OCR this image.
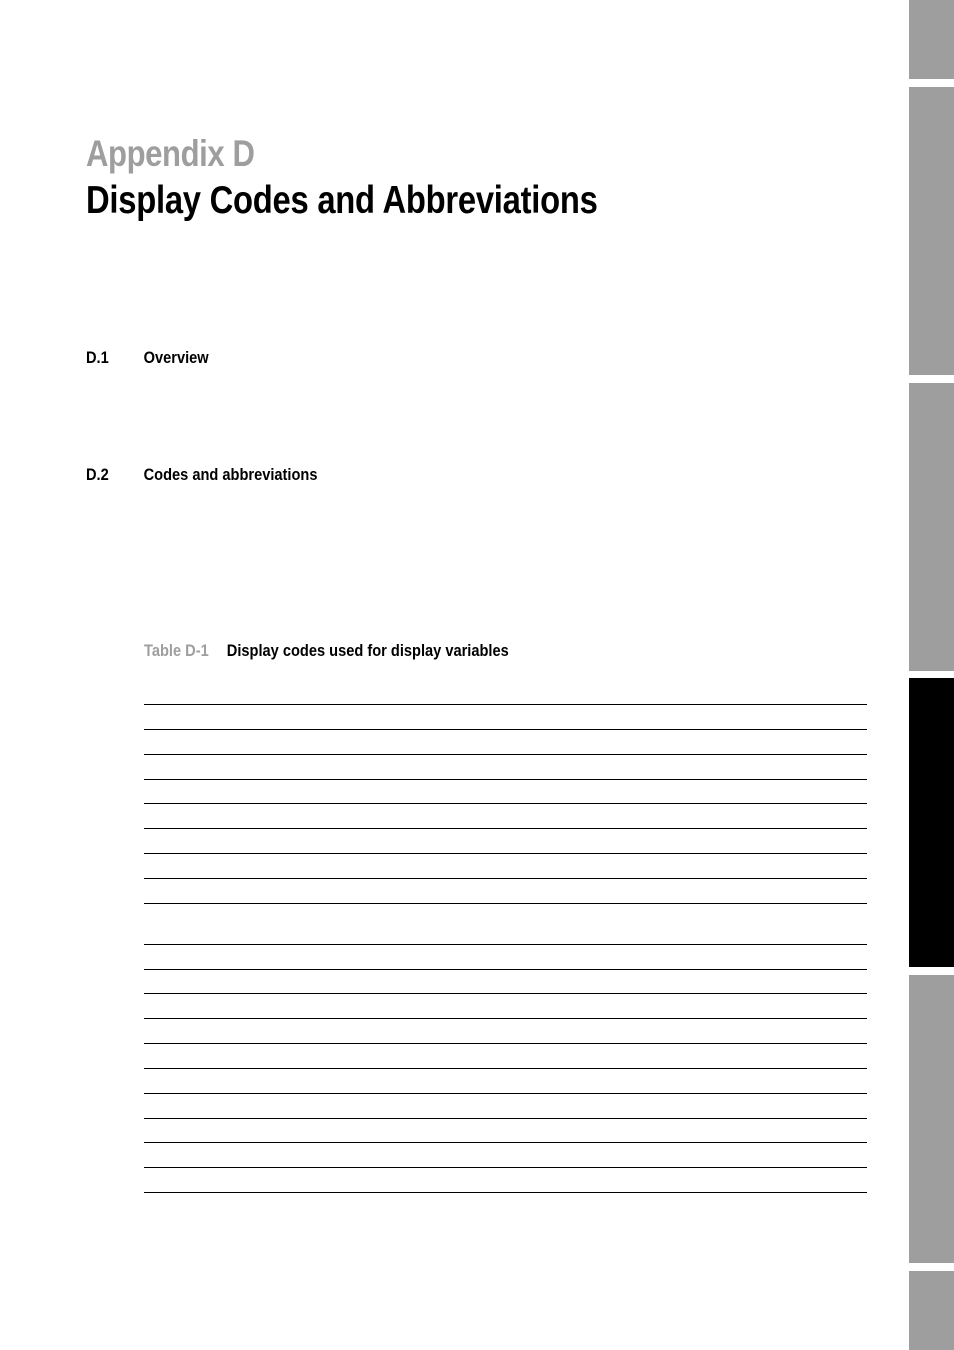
Appendix D
Display Codes and Abbreviations
D.1 Overview
D.2 Codes and abbreviations
Table D-1 Display codes used for display variables
